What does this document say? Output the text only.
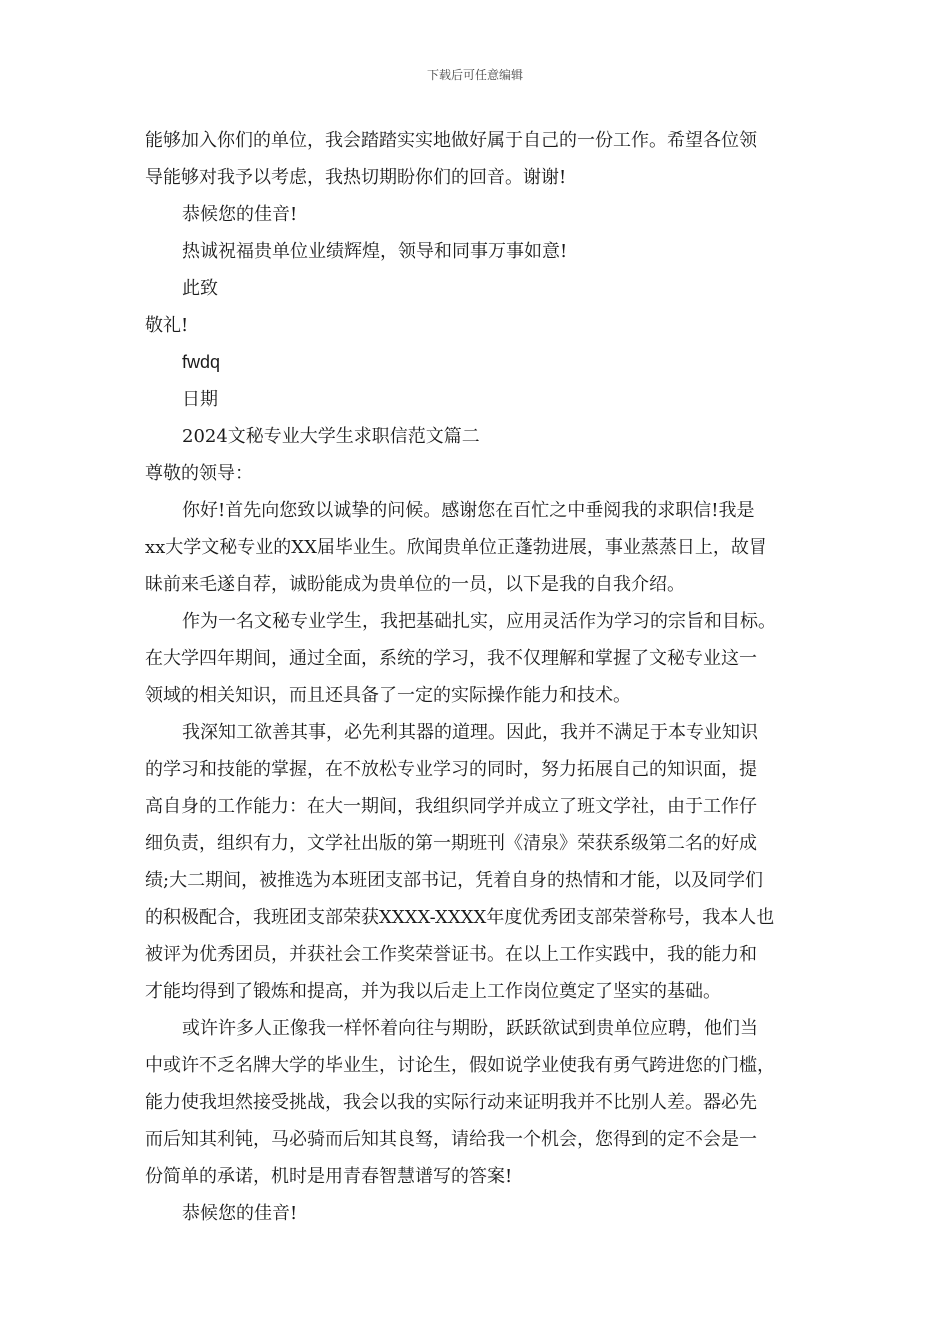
下载后可任意编辑
能够加入你们的单位，我会踏踏实实地做好属于自己的一份工作。希望各位领
导能够对我予以考虑，我热切期盼你们的回音。谢谢!
恭候您的佳音!
热诚祝福贵单位业绩辉煌，领导和同事万事如意!
此致
敬礼!
fwdq
日期
2024文秘专业大学生求职信范文篇二
尊敬的领导：
你好!首先向您致以诚挚的问候。感谢您在百忙之中垂阅我的求职信!我是
xx大学文秘专业的XX届毕业生。欣闻贵单位正蓬勃进展，事业蒸蒸日上，故冒
昧前来毛遂自荐，诚盼能成为贵单位的一员，以下是我的自我介绍。
作为一名文秘专业学生，我把基础扎实，应用灵活作为学习的宗旨和目标。
在大学四年期间，通过全面，系统的学习，我不仅理解和掌握了文秘专业这一
领域的相关知识，而且还具备了一定的实际操作能力和技术。
我深知工欲善其事，必先利其器的道理。因此，我并不满足于本专业知识
的学习和技能的掌握，在不放松专业学习的同时，努力拓展自己的知识面，提
高自身的工作能力：在大一期间，我组织同学并成立了班文学社，由于工作仔
细负责，组织有力，文学社出版的第一期班刊《清泉》荣获系级第二名的好成
绩;大二期间，被推选为本班团支部书记，凭着自身的热情和才能，以及同学们
的积极配合，我班团支部荣获XXXX-XXXX年度优秀团支部荣誉称号，我本人也
被评为优秀团员，并获社会工作奖荣誉证书。在以上工作实践中，我的能力和
才能均得到了锻炼和提高，并为我以后走上工作岗位奠定了坚实的基础。
或许许多人正像我一样怀着向往与期盼，跃跃欲试到贵单位应聘，他们当
中或许不乏名牌大学的毕业生，讨论生，假如说学业使我有勇气跨进您的门槛，
能力使我坦然接受挑战，我会以我的实际行动来证明我并不比别人差。器必先
而后知其利钝，马必骑而后知其良驽，请给我一个机会，您得到的定不会是一
份简单的承诺，机时是用青春智慧谱写的答案!
恭候您的佳音!
